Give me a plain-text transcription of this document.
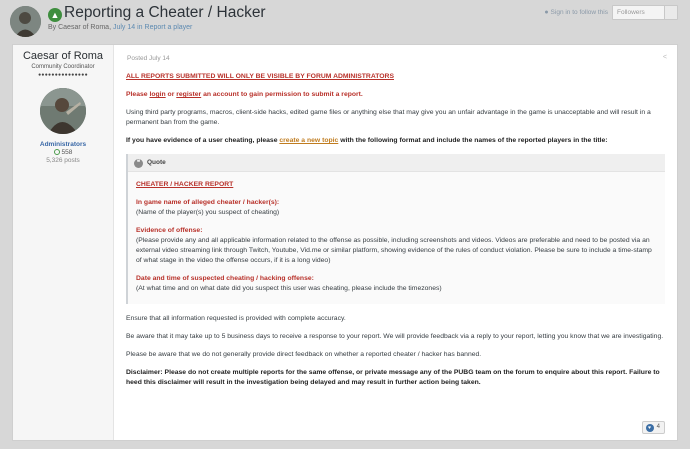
▲ Reporting a Cheater / Hacker
By Caesar of Roma, July 14 in Report a player
● Sign in to follow this	Followers
Caesar of Roma
Community Coordinator
●●●●●●●●●●●●●●●
Administrators
558
5,326 posts
Posted July 14	<

ALL REPORTS SUBMITTED WILL ONLY BE VISIBLE BY FORUM ADMINISTRATORS

Please login or register an account to gain permission to submit a report.

Using third party programs, macros, client-side hacks, edited game files or anything else that may give you an unfair advantage in the game is unacceptable and will result in a permanent ban from the game.

If you have evidence of a user cheating, please create a new topic with the following format and include the names of the reported players in the title:

❝ Quote

CHEATER / HACKER REPORT

In game name of alleged cheater / hacker(s):
(Name of the player(s) you suspect of cheating)

Evidence of offense:
(Please provide any and all applicable information related to the offense as possible, including screenshots and videos. Videos are preferable and need to be posted via an external video streaming link through Twitch, Youtube, Vid.me or similar platform, showing evidence of the rules of conduct violation. Please be sure to include a time-stamp of what stage in the video the offense occurs, if it is a long video)

Date and time of suspected cheating / hacking offense:
(At what time and on what date did you suspect this user was cheating, please include the timezones)

Ensure that all information requested is provided with complete accuracy.

Be aware that it may take up to 5 business days to receive a response to your report. We will provide feedback via a reply to your report, letting you know that we are investigating.

Please be aware that we do not generally provide direct feedback on whether a reported cheater / hacker has banned.

Disclaimer: Please do not create multiple reports for the same offense, or private message any of the PUBG team on the forum to enquire about this report. Failure to heed this disclaimer will result in the investigation being delayed and may result in further action being taken.

♥ 4
